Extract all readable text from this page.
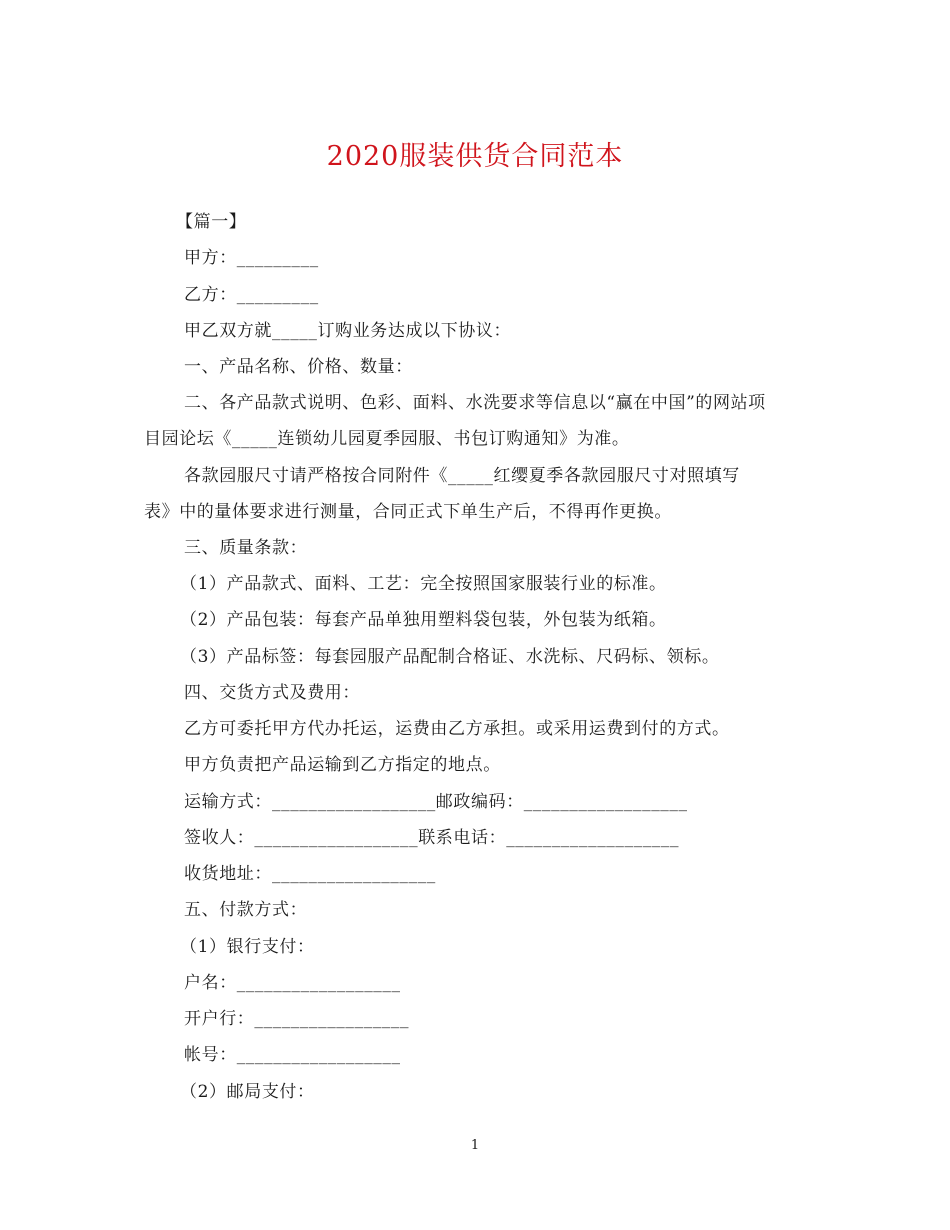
2020服装供货合同范本
【篇一】
甲方：_________
乙方：_________
甲乙双方就_____订购业务达成以下协议：
一、产品名称、价格、数量：
二、各产品款式说明、色彩、面料、水洗要求等信息以“赢在中国”的网站项
目园论坛《_____连锁幼儿园夏季园服、书包订购通知》为准。
各款园服尺寸请严格按合同附件《_____红缨夏季各款园服尺寸对照填写
表》中的量体要求进行测量，合同正式下单生产后，不得再作更换。
三、质量条款：
（1）产品款式、面料、工艺：完全按照国家服装行业的标准。
（2）产品包装：每套产品单独用塑料袋包装，外包装为纸箱。
（3）产品标签：每套园服产品配制合格证、水洗标、尺码标、领标。
四、交货方式及费用：
乙方可委托甲方代办托运，运费由乙方承担。或采用运费到付的方式。
甲方负责把产品运输到乙方指定的地点。
运输方式：__________________邮政编码：__________________
签收人：__________________联系电话：___________________
收货地址：__________________
五、付款方式：
（1）银行支付：
户名：__________________
开户行：_________________
帐号：__________________
（2）邮局支付：
1
